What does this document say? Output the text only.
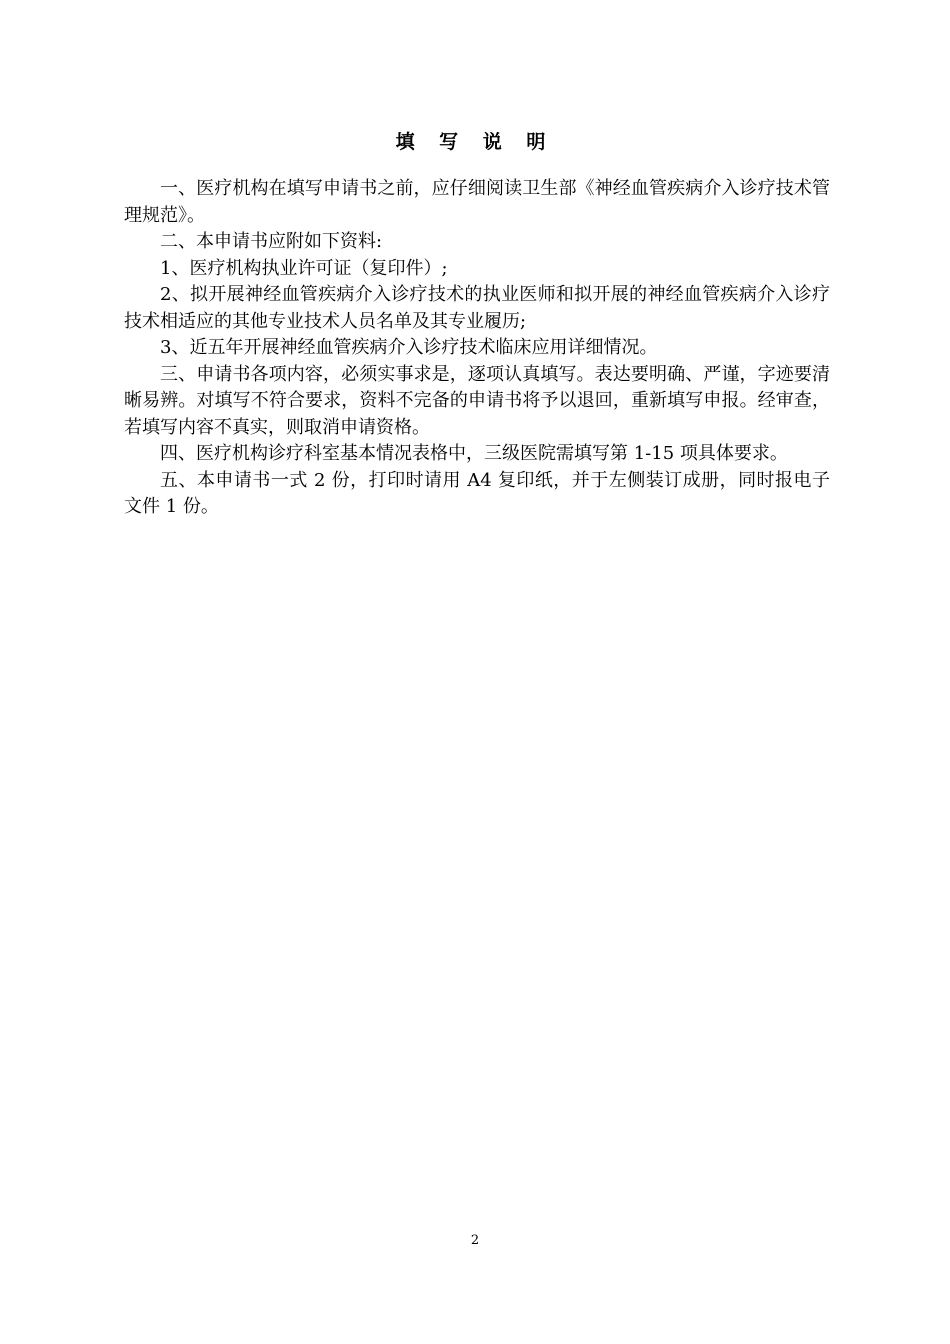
填 写 说 明

一、医疗机构在填写申请书之前，应仔细阅读卫生部《神经血管疾病介入诊疗技术管理规范》。

二、本申请书应附如下资料:

1、医疗机构执业许可证（复印件）;

2、拟开展神经血管疾病介入诊疗技术的执业医师和拟开展的神经血管疾病介入诊疗技术相适应的其他专业技术人员名单及其专业履历;

3、近五年开展神经血管疾病介入诊疗技术临床应用详细情况。

三、申请书各项内容，必须实事求是，逐项认真填写。表达要明确、严谨，字迹要清晰易辨。对填写不符合要求，资料不完备的申请书将予以退回，重新填写申报。经审查，若填写内容不真实，则取消申请资格。

四、医疗机构诊疗科室基本情况表格中，三级医院需填写第 1-15 项具体要求。

五、本申请书一式 2 份，打印时请用 A4 复印纸，并于左侧装订成册，同时报电子文件 1 份。

2
